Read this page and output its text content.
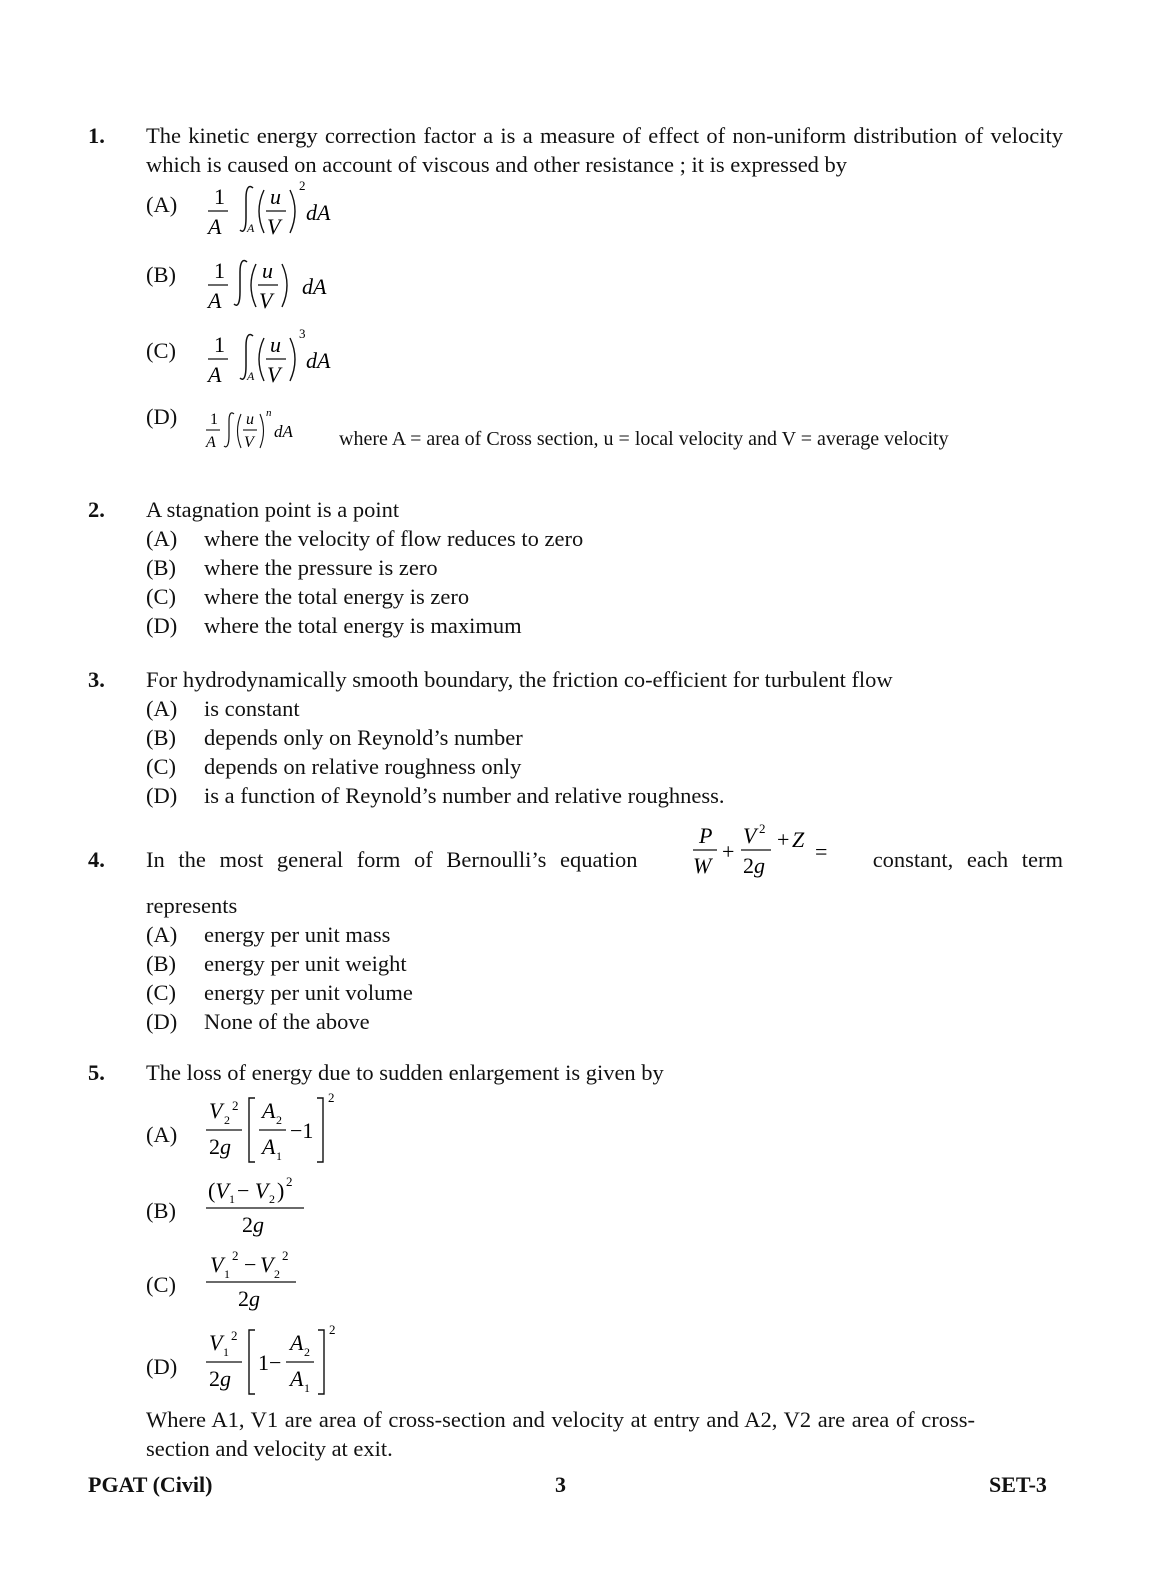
1. The kinetic energy correction factor a is a measure of effect of non-uniform distribution of velocity which is caused on account of viscous and other resistance ; it is expressed by
(A) 1
A A
u
V
2
dA
(B) 1
A
u
V
dA
(C) 1
A A
u
V
3
dA
(D) 1
A
u
V
n
dA where A = area of Cross section, u = local velocity and V = average velocity
2. A stagnation point is a point
(A) where the velocity of flow reduces to zero
(B) where the pressure is zero
(C) where the total energy is zero
(D) where the total energy is maximum
3. For hydrodynamically smooth boundary, the friction co-efficient for turbulent flow
(A) is constant
(B) depends only on Reynold’s number
(C) depends on relative roughness only
(D) is a function of Reynold’s number and relative roughness.
4. In the most general form of Bernoulli’s equation
P
W
+
V 2
2g
+ Z = constant, each term
represents
(A) energy per unit mass
(B) energy per unit weight
(C) energy per unit volume
(D) None of the above
5. The loss of energy due to sudden enlargement is given by
(A)
V 2
2
2g
A 2
A 1
−1
2
(B)
(V 1 − V 2 ) 2
2g
(C)
V 1
2 − V 2
2
2g
(D)
V 1
2
2g
1−
A 2
A 1
2
Where A1, V1 are area of cross-section and velocity at entry and A2, V2 are area of cross-
section and velocity at exit.
PGAT (Civil)	3	SET-3
